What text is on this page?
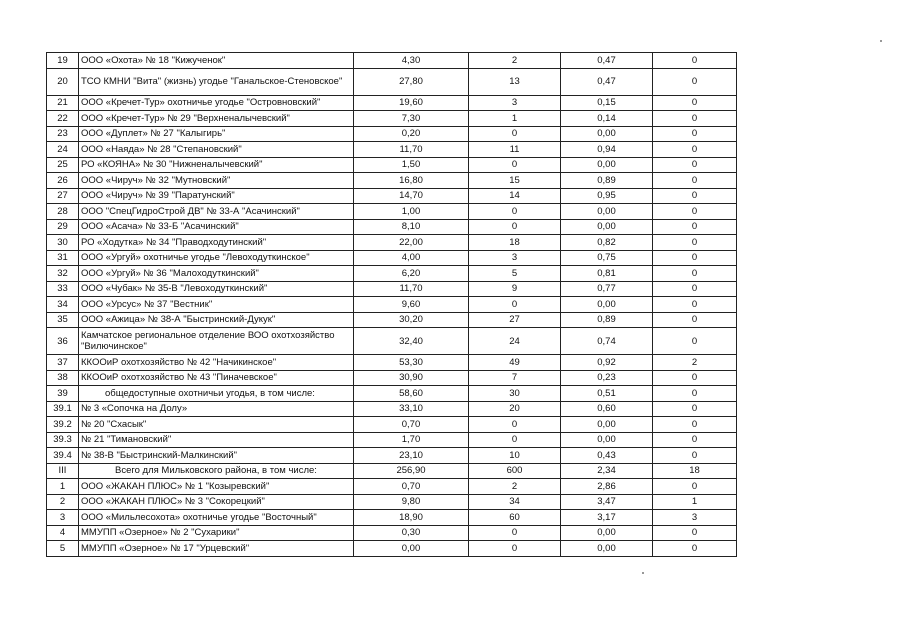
19	ООО «Охота» № 18 "Кижученок"	4,30	2	0,47	0
20	ТСО КМНИ "Вита" (жизнь) угодье "Ганальское-Стеновское"	27,80	13	0,47	0
21	ООО «Кречет-Тур» охотничье угодье "Островновский"	19,60	3	0,15	0
22	ООО «Кречет-Тур» № 29 "Верхненалычевский"	7,30	1	0,14	0
23	ООО «Дуплет» № 27 "Калыгирь"	0,20	0	0,00	0
24	ООО «Наяда» № 28 "Степановский"	11,70	11	0,94	0
25	РО «КОЯНА» № 30 "Нижненалычевский"	1,50	0	0,00	0
26	ООО «Чируч» № 32 "Мутновский"	16,80	15	0,89	0
27	ООО «Чируч» № 39 "Паратунский"	14,70	14	0,95	0
28	ООО "СпецГидроСтрой ДВ" № 33-А "Асачинский"	1,00	0	0,00	0
29	ООО «Асача» № 33-Б "Асачинский"	8,10	0	0,00	0
30	РО «Ходутка» № 34 "Праводходутинский"	22,00	18	0,82	0
31	ООО «Ургуй» охотничье угодье "Левоходуткинское"	4,00	3	0,75	0
32	ООО «Ургуй» № 36 "Малоходуткинский"	6,20	5	0,81	0
33	ООО «Чубак» № 35-В "Левоходуткинский"	11,70	9	0,77	0
34	ООО «Урсус» № 37 "Вестник"	9,60	0	0,00	0
35	ООО «Ажица» № 38-А "Быстринский-Дукук"	30,20	27	0,89	0
36	Камчатское региональное отделение ВОО охотхозяйство "Вилючинское"	32,40	24	0,74	0
37	ККООиР охотхозяйство № 42 "Начикинское"	53,30	49	0,92	2
38	ККООиР охотхозяйство № 43 "Пиначевское"	30,90	7	0,23	0
39	общедоступные охотничьи угодья, в том числе:	58,60	30	0,51	0
39.1	№ 3 «Сопочка на Долу»	33,10	20	0,60	0
39.2	№ 20 "Схасык"	0,70	0	0,00	0
39.3	№ 21 "Тимановский"	1,70	0	0,00	0
39.4	№ 38-В "Быстринский-Малкинский"	23,10	10	0,43	0
III	Всего для Мильковского района, в том числе:	256,90	600	2,34	18
1	ООО «ЖАКАН ПЛЮС» № 1 "Козыревский"	0,70	2	2,86	0
2	ООО «ЖАКАН ПЛЮС» № 3 "Сокорецкий"	9,80	34	3,47	1
3	ООО «Мильлесохота» охотничье угодье "Восточный"	18,90	60	3,17	3
4	ММУПП «Озерное» № 2 "Сухарики"	0,30	0	0,00	0
5	ММУПП «Озерное» № 17 "Урцевский"	0,00	0	0,00	0
